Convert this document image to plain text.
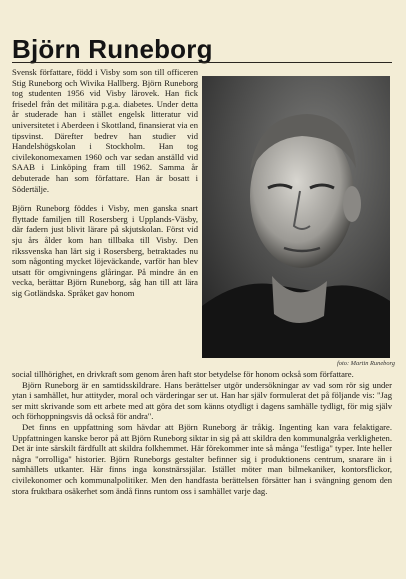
Björn Runeborg

Svensk författare, född i Visby som son till officeren Stig Runeborg och Wivika Hallberg. Björn Runeborg tog studenten 1956 vid Visby lärovek. Han fick frisedel från det militära p.g.a. diabetes. Under detta år studerade han i stället engelsk litteratur vid universitetet i Aberdeen i Skottland, finansierat via en tipsvinst. Därefter bedrev han studier vid Handelshögskolan i Stockholm. Han tog civilekonomexamen 1960 och var sedan anställd vid SAAB i Linköping fram till 1962. Samma år debuterade han som författare. Han är bosatt i Södertälje.

Björn Runeborg föddes i Visby, men ganska snart flyttade familjen till Rosersberg i Upplands-Väsby, där fadern just blivit lärare på skjutskolan. Först vid sju års ålder kom han tillbaka till Visby. Den rikssvenska han lärt sig i Rosersberg, betraktades nu som någonting mycket löjeväckande, varför han blev utsatt för omgivningens glåringar. På mindre än en vecka, berättar Björn Runeborg, såg han till att lära sig Gotländska. Språket gav honom

foto: Martin Runeborg

social tillhörighet, en drivkraft som genom åren haft stor betydelse för honom också som författare.

Björn Runeborg är en samtidsskildrare. Hans berättelser utgör undersökningar av vad som rör sig under ytan i samhället, hur attityder, moral och värderingar ser ut. Han har själv formulerat det på följande vis: "Jag ser mitt skrivande som ett arbete med att göra det som känns otydligt i dagens samhälle tydligt, för mig själv och förhoppningsvis då också för andra".

Det finns en uppfattning som hävdar att Björn Runeborg är tråkig. Ingenting kan vara felaktigare. Uppfattningen kanske beror på att Björn Runeborg siktar in sig på att skildra den kommunalgråa verkligheten. Det är inte särskilt färdfullt att skildra folkhemmet. Här förekommer inte så många "festliga" typer. Inte heller några "orrolliga" historier. Björn Runeborgs gestalter befinner sig i produktionens centrum, snarare än i samhällets utkanter. Här finns inga konstnärssjälar. Istället möter man bilmekaniker, kontorsflickor, civilekonomer och kommunalpolitiker. Men den handfasta berättelsen försätter han i svängning genom den stora fruktbara osäkerhet som ändå finns runtom oss i samhället varje dag.
